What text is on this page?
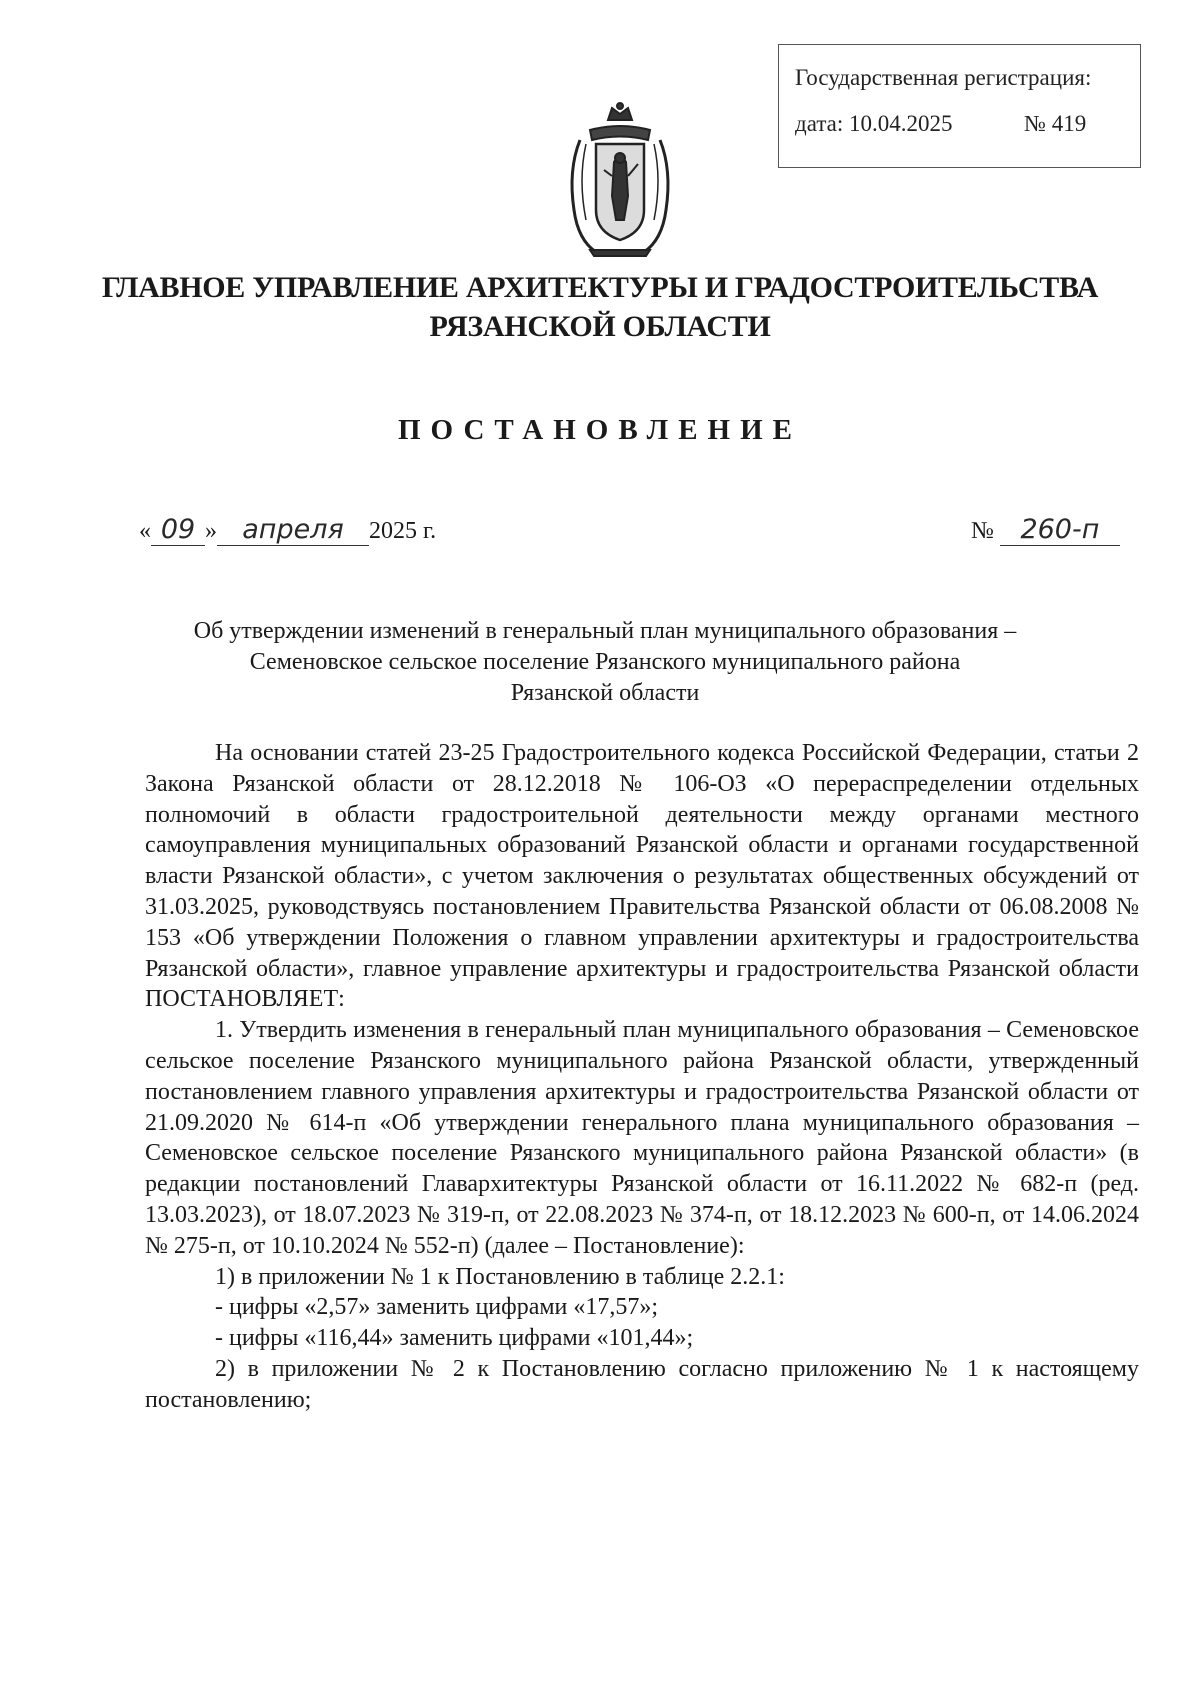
Государственная регистрация:
дата: 10.04.2025	№ 419
ГЛАВНОЕ УПРАВЛЕНИЕ АРХИТЕКТУРЫ И ГРАДОСТРОИТЕЛЬСТВА
РЯЗАНСКОЙ ОБЛАСТИ
ПОСТАНОВЛЕНИЕ
« 09 » апреля 2025 г.	№ 260-п
Об утверждении изменений в генеральный план муниципального образования –
Семеновское сельское поселение Рязанского муниципального района
Рязанской области

На основании статей 23-25 Градостроительного кодекса Российской Федерации, статьи 2 Закона Рязанской области от 28.12.2018 № 106-ОЗ «О перераспределении отдельных полномочий в области градостроительной деятельности между органами местного самоуправления муниципальных образований Рязанской области и органами государственной власти Рязанской области», с учетом заключения о результатах общественных обсуждений от 31.03.2025, руководствуясь постановлением Правительства Рязанской области от 06.08.2008 № 153 «Об утверждении Положения о главном управлении архитектуры и градостроительства Рязанской области», главное управление архитектуры и градостроительства Рязанской области ПОСТАНОВЛЯЕТ:

1. Утвердить изменения в генеральный план муниципального образования – Семеновское сельское поселение Рязанского муниципального района Рязанской области, утвержденный постановлением главного управления архитектуры и градостроительства Рязанской области от 21.09.2020 № 614-п «Об утверждении генерального плана муниципального образования – Семеновское сельское поселение Рязанского муниципального района Рязанской области» (в редакции постановлений Главархитектуры Рязанской области от 16.11.2022 № 682-п (ред. 13.03.2023), от 18.07.2023 № 319-п, от 22.08.2023 № 374-п, от 18.12.2023 № 600-п, от 14.06.2024 № 275-п, от 10.10.2024 № 552-п) (далее – Постановление):

1) в приложении № 1 к Постановлению в таблице 2.2.1:

- цифры «2,57» заменить цифрами «17,57»;

- цифры «116,44» заменить цифрами «101,44»;

2) в приложении № 2 к Постановлению согласно приложению № 1 к настоящему постановлению;
